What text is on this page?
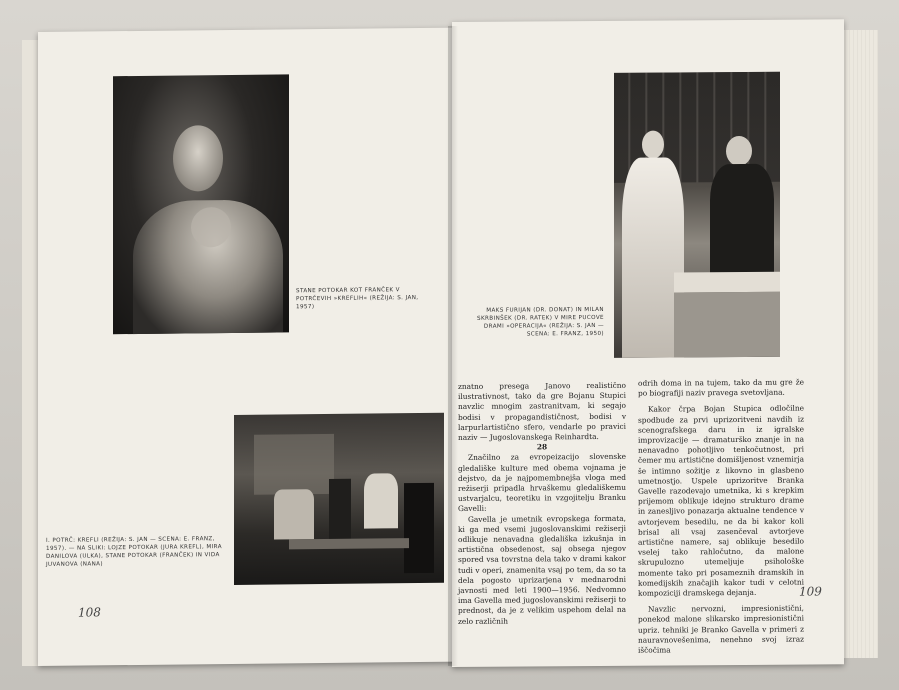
STANE POTOKAR KOT FRANČEK V POTRČEVIH »KREFLIH« (REŽIJA: S. JAN, 1957)
I. POTRČ: KREFLI (REŽIJA: S. JAN — SCENA: E. FRANZ, 1957). — NA SLIKI: LOJZE POTOKAR (JURA KREFL), MIRA DANILOVA (ULKA), STANE POTOKAR (FRANČEK) IN VIDA JUVANOVA (NANA)
108
MAKS FURIJAN (DR. DONAT) IN MILAN SKRBINŠEK (DR. RATEK) V MIRE PUCOVE DRAMI »OPERACIJA« (REŽIJA: S. JAN — SCENA: E. FRANZ, 1950)

znatno presega Janovo realistično ilustrativnost, tako da gre Bojanu Stupici navzlic mnogim zastranitvam, ki segajo bodisi v propagandističnost, bodisi v larpurlartistično sfero, vendarle po pravici naziv — Jugoslovanskega Reinhardta.

28

Značilno za evropeizacijo slovenske gledališke kulture med obema vojnama je dejstvo, da je najpomembnejša vloga med režiserji pripadla hrvaškemu gledališkemu ustvarjalcu, teoretiku in vzgojitelju Branku Gavelli:

Gavella je umetnik evropskega formata, ki ga med vsemi jugoslovanskimi režiserji odlikuje nenavadna gledališka izkušnja in artistična obsedenost, saj obsega njegov spored vsa tovrstna dela tako v drami kakor tudi v operi, znamenita vsaj po tem, da so ta dela pogosto uprizarjena v mednarodni javnosti med leti 1900—1956. Nedvomno ima Gavella med jugoslovanskimi režiserji to prednost, da je z velikim uspehom delal na zelo različnih

odrih doma in na tujem, tako da mu gre že po biografiji naziv pravega svetovljana.

Kakor črpa Bojan Stupica odločilne spodbude za prvi uprizoritveni navdih iz scenografskega daru in iz igralske improvizacije — dramaturško znanje in na nenavadno pohotljivo tenkočutnost, pri čemer mu artistične domišljenost vznemirja še intimno sožitje z likovno in glasbeno umetnostjo. Uspele uprizoritve Branka Gavelle razodevajo umetnika, ki s krepkim prijemom oblikuje idejno strukturo drame in zanesljivo ponazarja aktualne tendence v avtorjevem besedilu, ne da bi kakor koli brisal ali vsaj zasenčeval avtorjeve artistične namere, saj oblikuje besedilo vselej tako rahločutno, da malone skrupulozno utemeljuje psihološke momente tako pri posameznih dramskih in komedijskih značajih kakor tudi v celotni kompoziciji dramskega dejanja.

Navzlic nervozni, impresionistični, ponekod malone slikarsko impresionistični upriz. tehniki je Branko Gavella v primeri z nauravnovešenima, nenehno svoj izraz iščočima

109
